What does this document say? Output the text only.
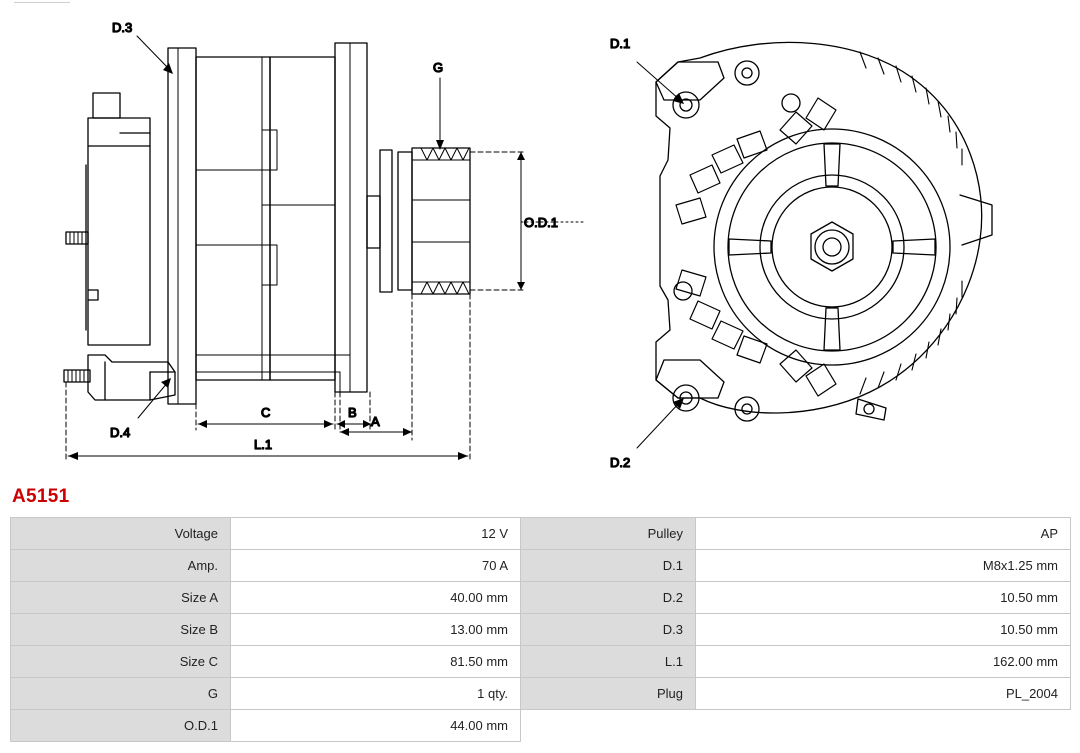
O.D.1
G
D.3
D.4
C	B
A
L.1
D.1
D.2
A5151
Voltage	12 V	Pulley	AP
Amp.	70 A	D.1	M8x1.25 mm
Size A	40.00 mm	D.2	10.50 mm
Size B	13.00 mm	D.3	10.50 mm
Size C	81.50 mm	L.1	162.00 mm
G	1 qty.	Plug	PL_2004
O.D.1	44.00 mm		
